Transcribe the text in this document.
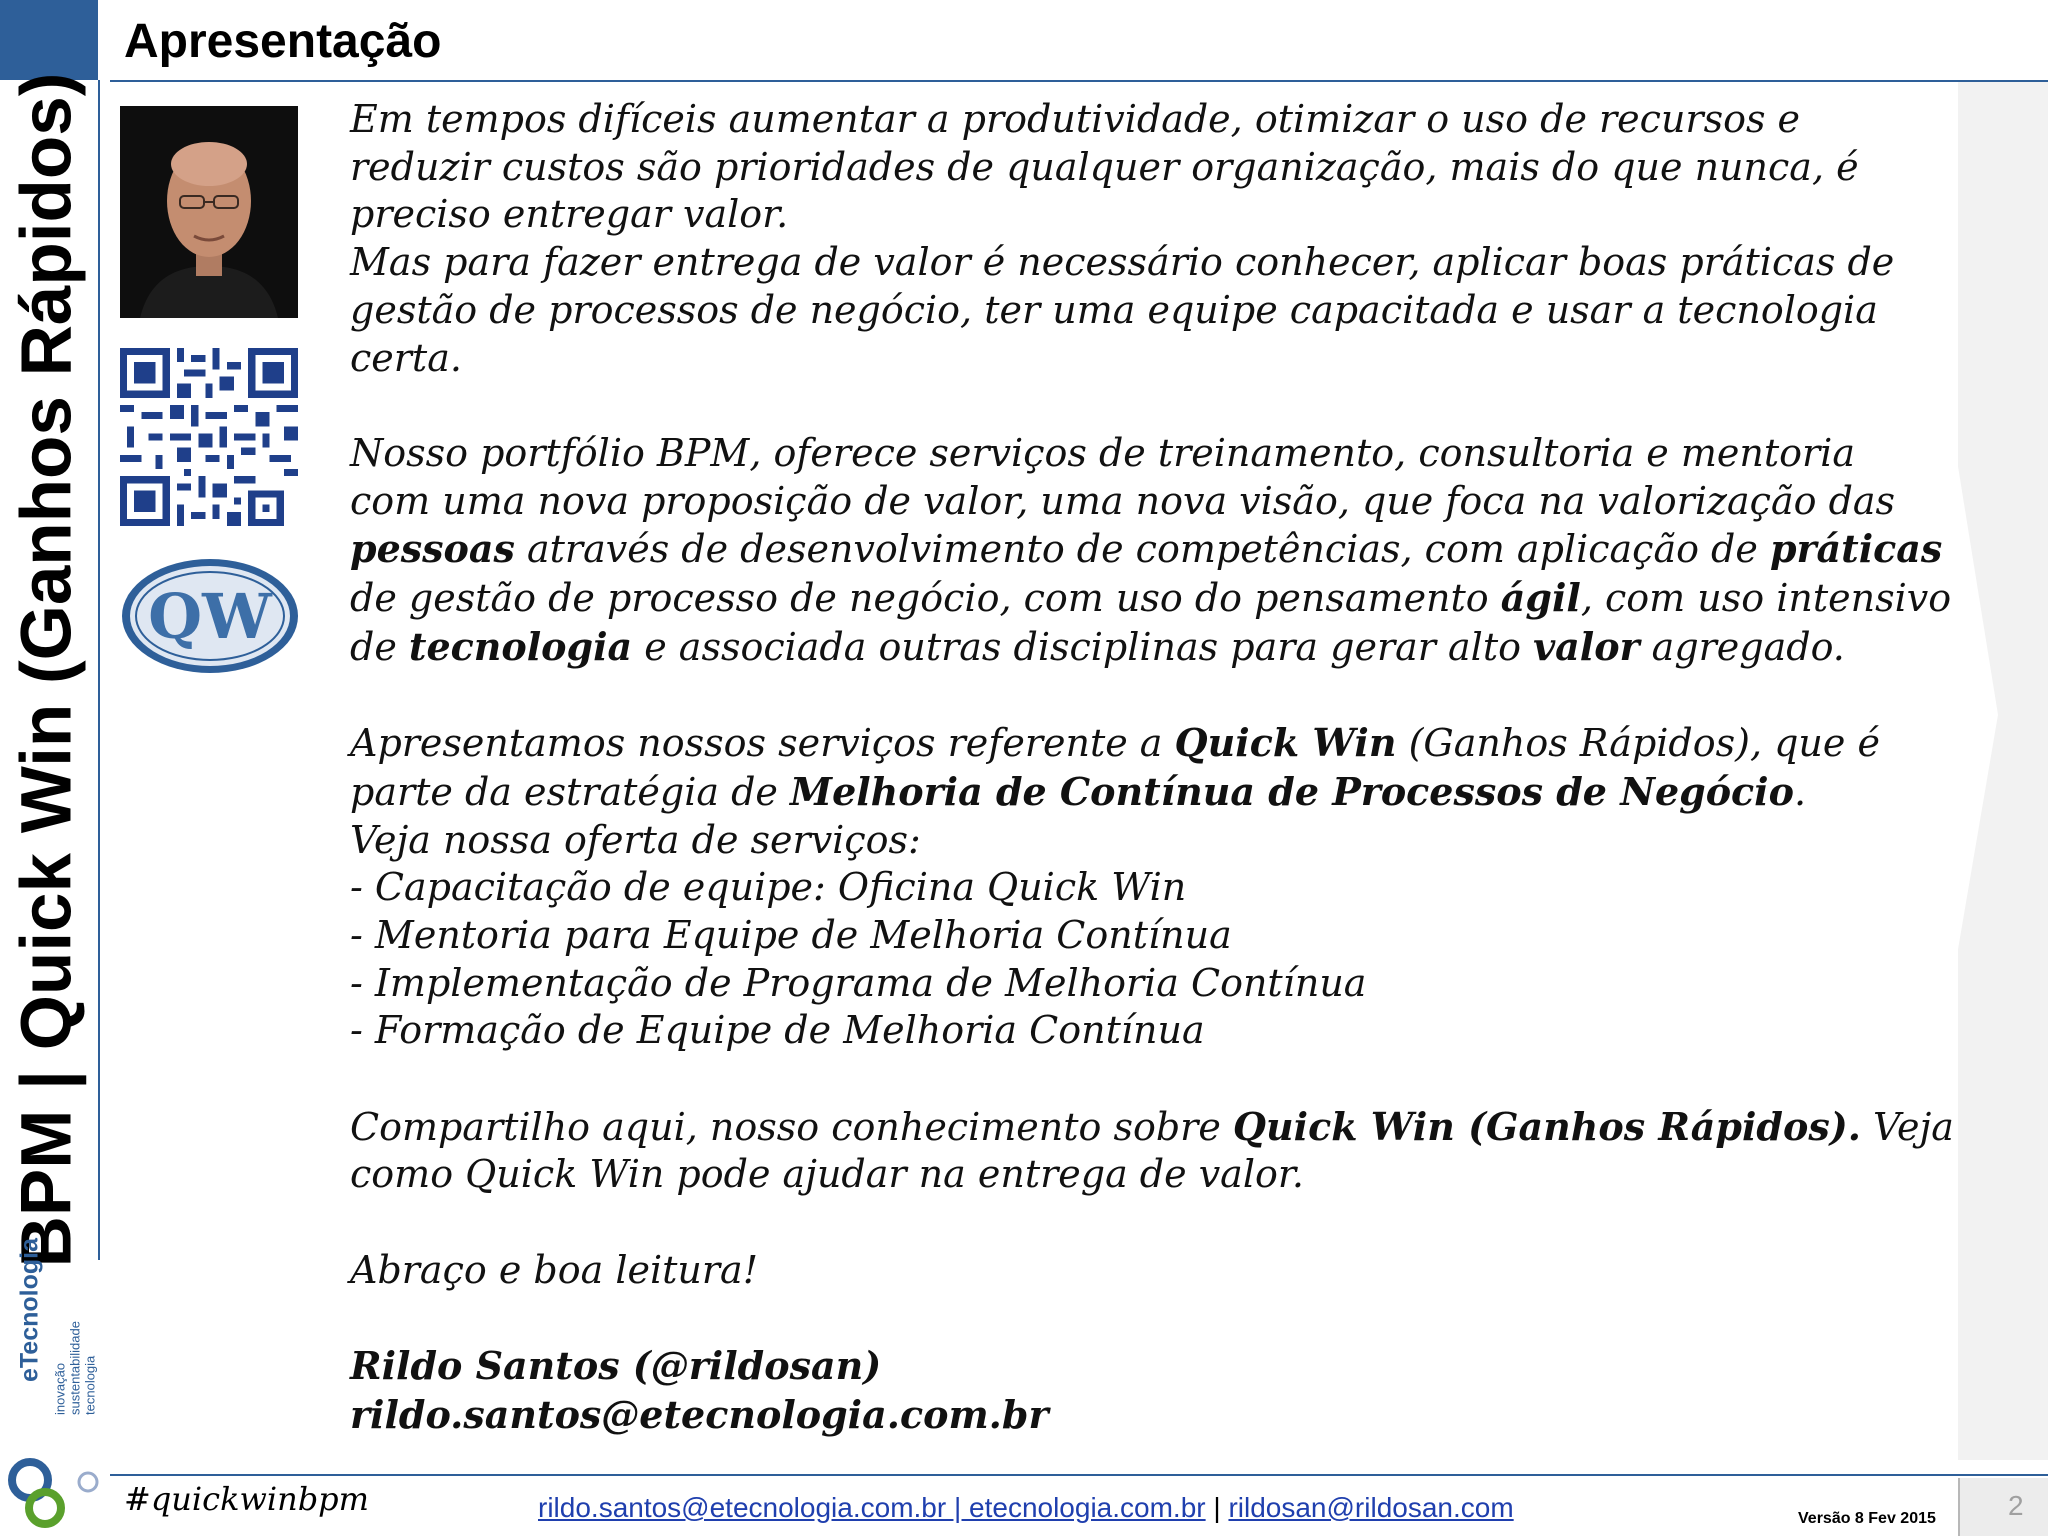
BPM | Quick Win (Ganhos Rápidos)
Apresentação
QW

Em tempos difíceis aumentar a produtividade, otimizar o uso de recursos e

reduzir custos são prioridades de qualquer organização, mais do que nunca, é

preciso entregar valor.

Mas para fazer entrega de valor é necessário conhecer, aplicar boas práticas de

gestão de processos de negócio, ter uma equipe capacitada e usar a tecnologia

certa.

Nosso portfólio BPM, oferece serviços de treinamento, consultoria e mentoria

com uma nova proposição de valor, uma nova visão, que foca na valorização das

pessoas através de desenvolvimento de competências, com aplicação de práticas

de gestão de processo de negócio, com uso do pensamento ágil, com uso intensivo

de tecnologia e associada outras disciplinas para gerar alto valor agregado.

Apresentamos nossos serviços referente a Quick Win (Ganhos Rápidos), que é

parte da estratégia de Melhoria de Contínua de Processos de Negócio.

Veja nossa oferta de serviços:

- Capacitação de equipe: Oficina Quick Win

- Mentoria para Equipe de Melhoria Contínua

- Implementação de Programa de Melhoria Contínua

- Formação de Equipe de Melhoria Contínua

Compartilho aqui, nosso conhecimento sobre Quick Win (Ganhos Rápidos). Veja

como Quick Win pode ajudar na entrega de valor.

Abraço e boa leitura!

Rildo Santos (@rildosan)

rildo.santos@etecnologia.com.br

eTecnologia
inovação sustentabilidade tecnologia
#quickwinbpm	rildo.santos@etecnologia.com.br | etecnologia.com.br | rildosan@rildosan.com	Versão 8 Fev 2015	2
